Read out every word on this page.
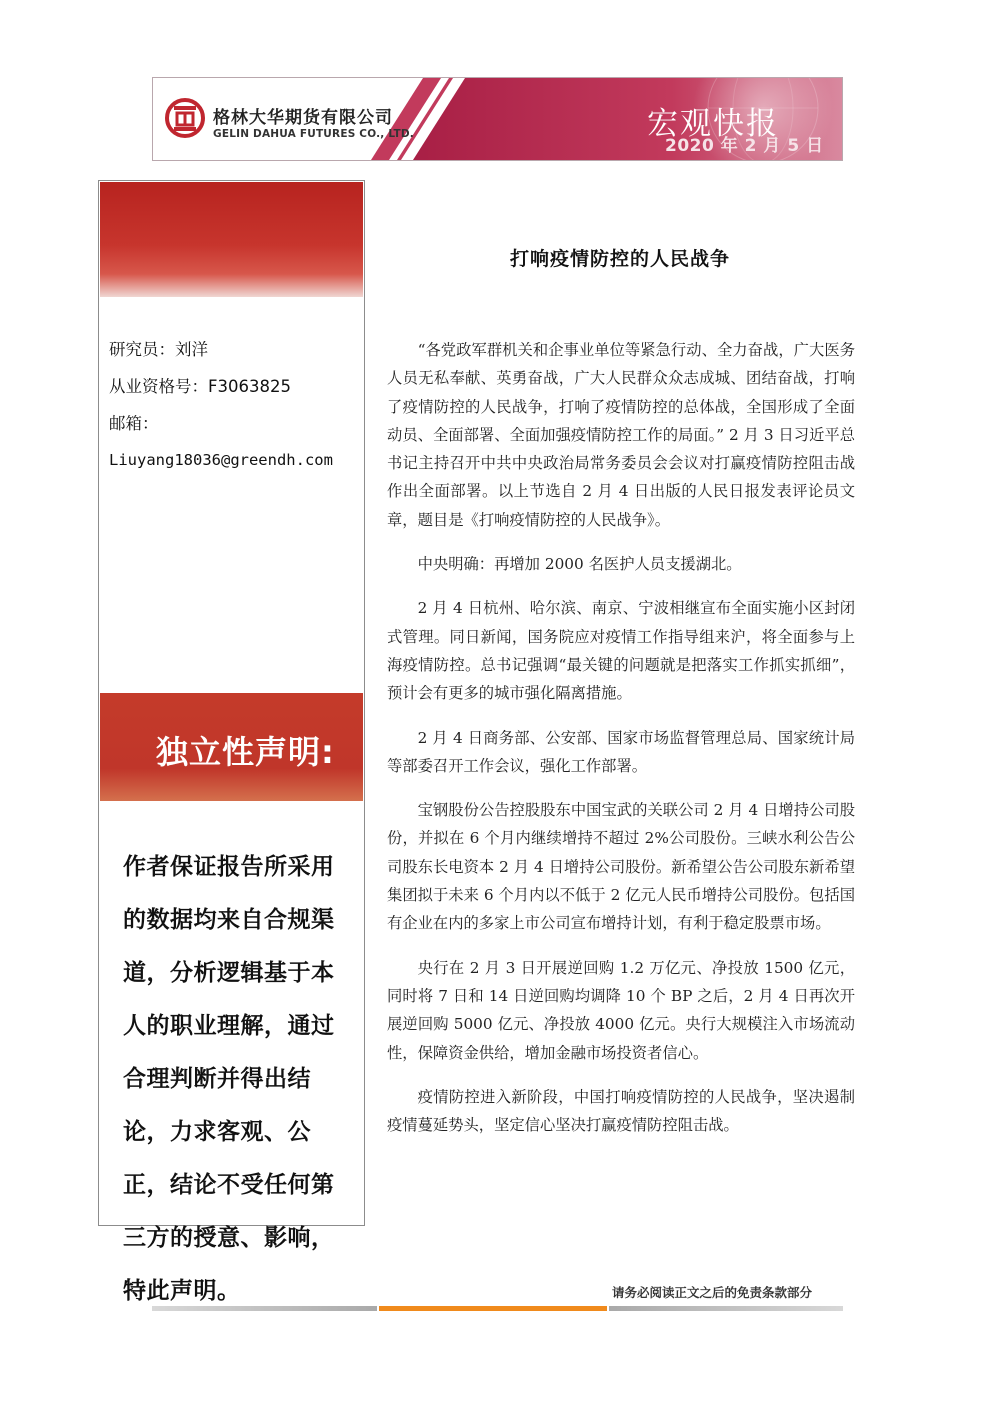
格林大华期货有限公司
GELIN DAHUA FUTURES CO., LTD.	宏观快报
2020 年 2 月 5 日
研究员：刘洋
从业资格号：F3063825
邮箱：
Liuyang18036@greendh.com
独立性声明:
作者保证报告所采用的数据均来自合规渠道，分析逻辑基于本人的职业理解，通过合理判断并得出结论，力求客观、公正，结论不受任何第三方的授意、影响，特此声明。
打响疫情防控的人民战争

“各党政军群机关和企事业单位等紧急行动、全力奋战，广大医务人员无私奉献、英勇奋战，广大人民群众众志成城、团结奋战，打响了疫情防控的人民战争，打响了疫情防控的总体战，全国形成了全面动员、全面部署、全面加强疫情防控工作的局面。” 2 月 3 日习近平总书记主持召开中共中央政治局常务委员会会议对打赢疫情防控阻击战作出全面部署。以上节选自 2 月 4 日出版的人民日报发表评论员文章，题目是《打响疫情防控的人民战争》。

中央明确：再增加 2000 名医护人员支援湖北。

2 月 4 日杭州、哈尔滨、南京、宁波相继宣布全面实施小区封闭式管理。同日新闻，国务院应对疫情工作指导组来沪，将全面参与上海疫情防控。总书记强调“最关键的问题就是把落实工作抓实抓细”，预计会有更多的城市强化隔离措施。

2 月 4 日商务部、公安部、国家市场监督管理总局、国家统计局等部委召开工作会议，强化工作部署。

宝钢股份公告控股股东中国宝武的关联公司 2 月 4 日增持公司股份，并拟在 6 个月内继续增持不超过 2%公司股份。三峡水利公告公司股东长电资本 2 月 4 日增持公司股份。新希望公告公司股东新希望集团拟于未来 6 个月内以不低于 2 亿元人民币增持公司股份。包括国有企业在内的多家上市公司宣布增持计划，有利于稳定股票市场。

央行在 2 月 3 日开展逆回购 1.2 万亿元、净投放 1500 亿元，同时将 7 日和 14 日逆回购均调降 10 个 BP 之后，2 月 4 日再次开展逆回购 5000 亿元、净投放 4000 亿元。央行大规模注入市场流动性，保障资金供给，增加金融市场投资者信心。

疫情防控进入新阶段，中国打响疫情防控的人民战争，坚决遏制疫情蔓延势头，坚定信心坚决打赢疫情防控阻击战。

请务必阅读正文之后的免责条款部分
